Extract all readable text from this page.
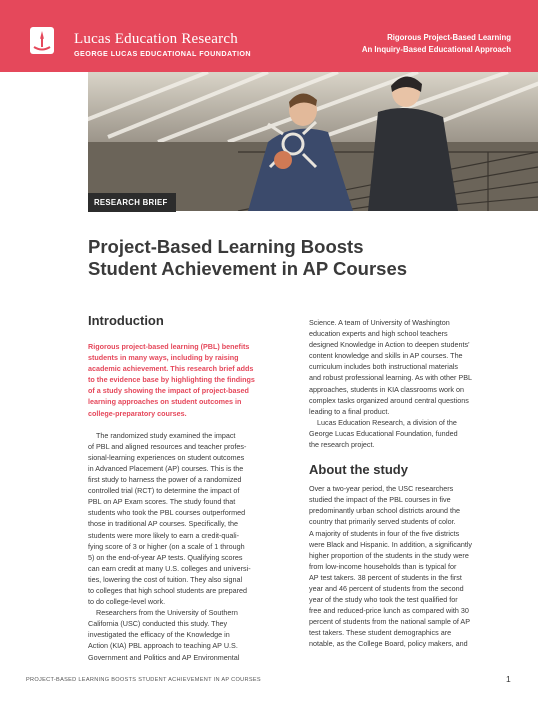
Lucas Education Research
GEORGE LUCAS EDUCATIONAL FOUNDATION
Rigorous Project-Based Learning
An Inquiry-Based Educational Approach
RESEARCH BRIEF
Project-Based Learning Boosts
Student Achievement in AP Courses
Introduction
Rigorous project-based learning (PBL) benefits
students in many ways, including by raising
academic achievement. This research brief adds
to the evidence base by highlighting the findings
of a study showing the impact of project-based
learning approaches on student outcomes in
college-preparatory courses.
The randomized study examined the impact
of PBL and aligned resources and teacher profes-
sional-learning experiences on student outcomes
in Advanced Placement (AP) courses. This is the
first study to harness the power of a randomized
controlled trial (RCT) to determine the impact of
PBL on AP Exam scores. The study found that
students who took the PBL courses outperformed
those in traditional AP courses. Specifically, the
students were more likely to earn a credit-quali-
fying score of 3 or higher (on a scale of 1 through
5) on the end-of-year AP tests. Qualifying scores
can earn credit at many U.S. colleges and universi-
ties, lowering the cost of tuition. They also signal
to colleges that high school students are prepared
to do college-level work.
Researchers from the University of Southern
California (USC) conducted this study. They
investigated the efficacy of the Knowledge in
Action (KIA) PBL approach to teaching AP U.S.
Government and Politics and AP Environmental
Science. A team of University of Washington
education experts and high school teachers
designed Knowledge in Action to deepen students’
content knowledge and skills in AP courses. The
curriculum includes both instructional materials
and robust professional learning. As with other PBL
approaches, students in KIA classrooms work on
complex tasks organized around central questions
leading to a final product.
Lucas Education Research, a division of the
George Lucas Educational Foundation, funded
the research project.
About the study
Over a two-year period, the USC researchers
studied the impact of the PBL courses in five
predominantly urban school districts around the
country that primarily served students of color.
A majority of students in four of the five districts
were Black and Hispanic. In addition, a significantly
higher proportion of the students in the study were
from low-income households than is typical for
AP test takers. 38 percent of students in the first
year and 46 percent of students from the second
year of the study who took the test qualified for
free and reduced-price lunch as compared with 30
percent of students from the national sample of AP
test takers. These student demographics are
notable, as the College Board, policy makers, and
PROJECT-BASED LEARNING BOOSTS STUDENT ACHIEVEMENT IN AP COURSES	1
